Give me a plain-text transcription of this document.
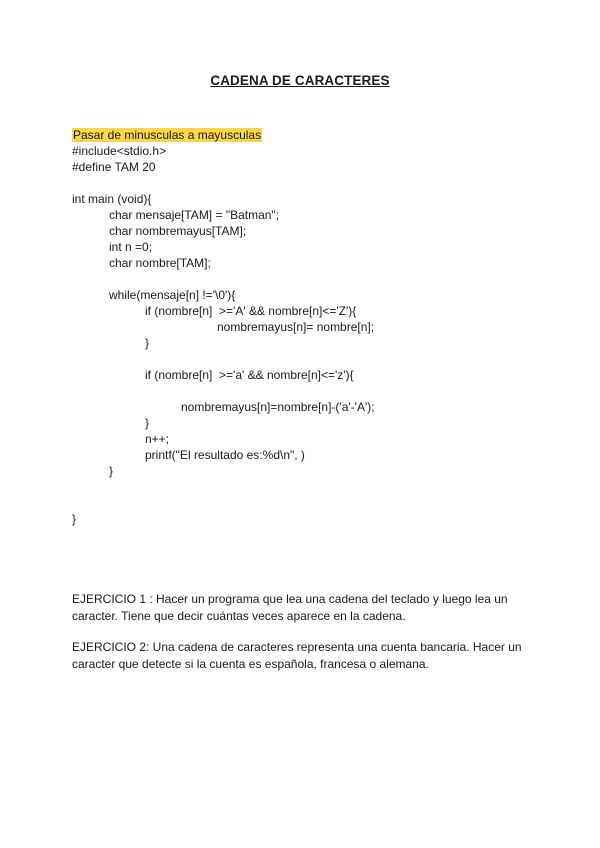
CADENA DE CARACTERES
Pasar de minusculas a mayusculas
#include<stdio.h>
#define TAM 20
int main (void){
char mensaje[TAM] = "Batman";
char nombremayus[TAM];
int n =0;
char nombre[TAM];
while(mensaje[n] !='\0'){
if (nombre[n]  >='A' && nombre[n]<='Z'){
nombremayus[n]= nombre[n];
}
if (nombre[n]  >='a' && nombre[n]<='z'){
nombremayus[n]=nombre[n]-('a'-'A');
}
n++;
printf("El resultado es:%d\n", )
}
}
EJERCICIO 1 : Hacer un programa que lea una cadena del teclado y luego lea un caracter. Tiene que decir cuántas veces aparece en la cadena.
EJERCICIO 2: Una cadena de caracteres representa una cuenta bancaria. Hacer un caracter que detecte si la cuenta es española, francesa o alemana.
